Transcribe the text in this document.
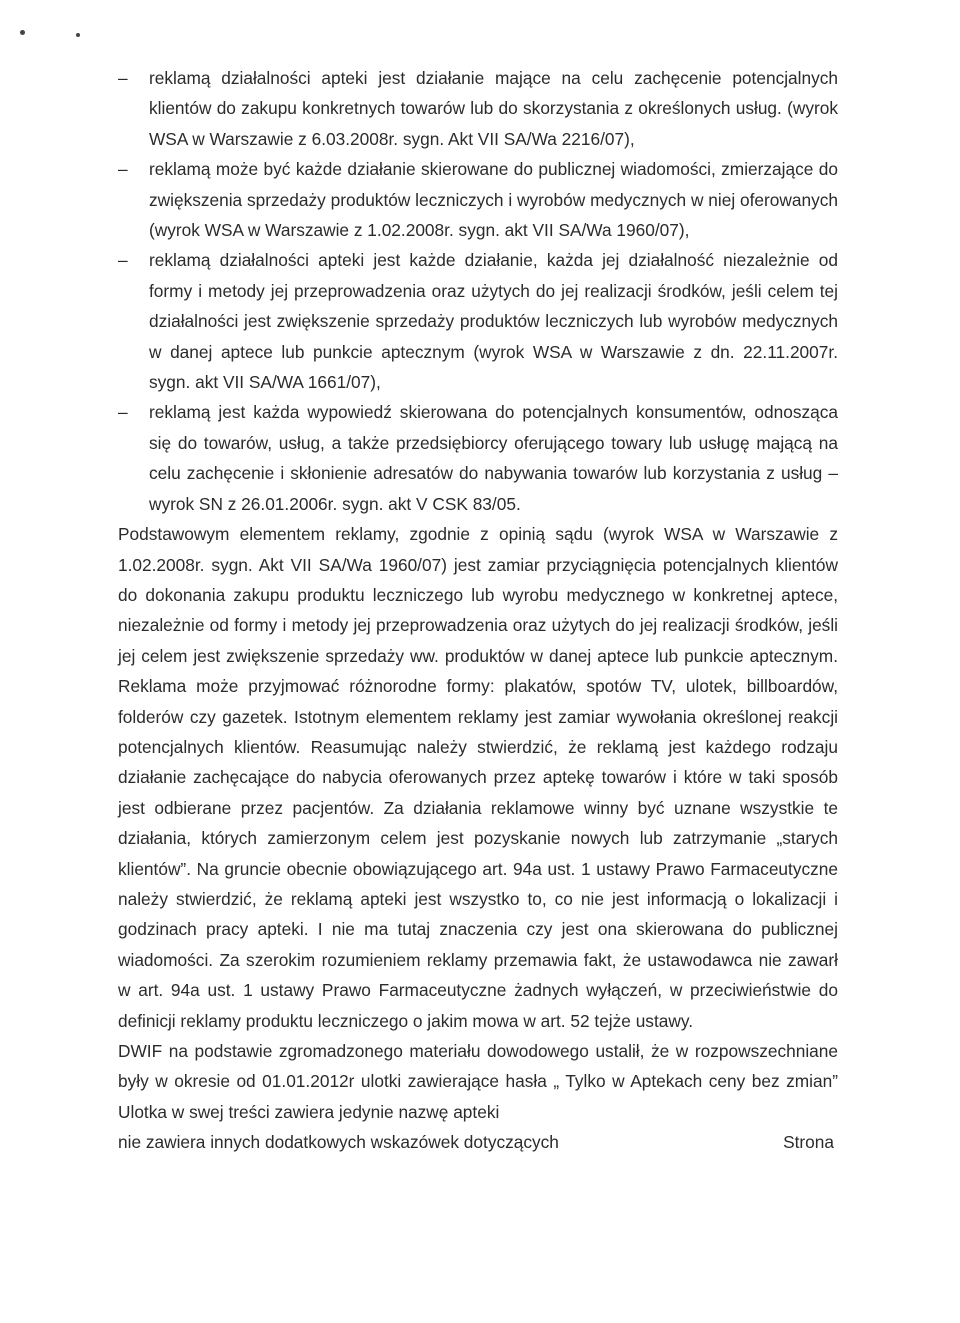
– reklamą działalności apteki jest działanie mające na celu zachęcenie potencjalnych klientów do zakupu konkretnych towarów lub do skorzystania z określonych usług. (wyrok WSA w Warszawie z 6.03.2008r. sygn. Akt VII SA/Wa 2216/07),
– reklamą może być każde działanie skierowane do publicznej wiadomości, zmierzające do zwiększenia sprzedaży produktów leczniczych i wyrobów medycznych w niej oferowanych (wyrok WSA w Warszawie z 1.02.2008r. sygn. akt VII SA/Wa 1960/07),
– reklamą działalności apteki jest każde działanie, każda jej działalność niezależnie od formy i metody jej przeprowadzenia oraz użytych do jej realizacji środków, jeśli celem tej działalności jest zwiększenie sprzedaży produktów leczniczych lub wyrobów medycznych w danej aptece lub punkcie aptecznym (wyrok WSA w Warszawie z dn. 22.11.2007r. sygn. akt VII SA/WA 1661/07),
– reklamą jest każda wypowiedź skierowana do potencjalnych konsumentów, odnosząca się do towarów, usług, a także przedsiębiorcy oferującego towary lub usługę mającą na celu zachęcenie i skłonienie adresatów do nabywania towarów lub korzystania z usług – wyrok SN z 26.01.2006r. sygn. akt V CSK 83/05.

Podstawowym elementem reklamy, zgodnie z opinią sądu (wyrok WSA w Warszawie z 1.02.2008r. sygn. Akt VII SA/Wa 1960/07) jest zamiar przyciągnięcia potencjalnych klientów do dokonania zakupu produktu leczniczego lub wyrobu medycznego w konkretnej aptece, niezależnie od formy i metody jej przeprowadzenia oraz użytych do jej realizacji środków, jeśli jej celem jest zwiększenie sprzedaży ww. produktów w danej aptece lub punkcie aptecznym. Reklama może przyjmować różnorodne formy: plakatów, spotów TV, ulotek, billboardów, folderów czy gazetek. Istotnym elementem reklamy jest zamiar wywołania określonej reakcji potencjalnych klientów. Reasumując należy stwierdzić, że reklamą jest każdego rodzaju działanie zachęcające do nabycia oferowanych przez aptekę towarów i które w taki sposób jest odbierane przez pacjentów. Za działania reklamowe winny być uznane wszystkie te działania, których zamierzonym celem jest pozyskanie nowych lub zatrzymanie „starych klientów”. Na gruncie obecnie obowiązującego art. 94a ust. 1 ustawy Prawo Farmaceutyczne należy stwierdzić, że reklamą apteki jest wszystko to, co nie jest informacją o lokalizacji i godzinach pracy apteki. I nie ma tutaj znaczenia czy jest ona skierowana do publicznej wiadomości. Za szerokim rozumieniem reklamy przemawia fakt, że ustawodawca nie zawarł w art. 94a ust. 1 ustawy Prawo Farmaceutyczne żadnych wyłączeń, w przeciwieństwie do definicji reklamy produktu leczniczego o jakim mowa w art. 52 tejże ustawy.

DWIF na podstawie zgromadzonego materiału dowodowego ustalił, że w rozpowszechniane były w okresie od 01.01.2012r ulotki zawierające hasła „ Tylko w Aptekach ceny bez zmian” Ulotka w swej treści zawiera jedynie nazwę apteki

nie zawiera innych dodatkowych wskazówek dotyczących	Strona
